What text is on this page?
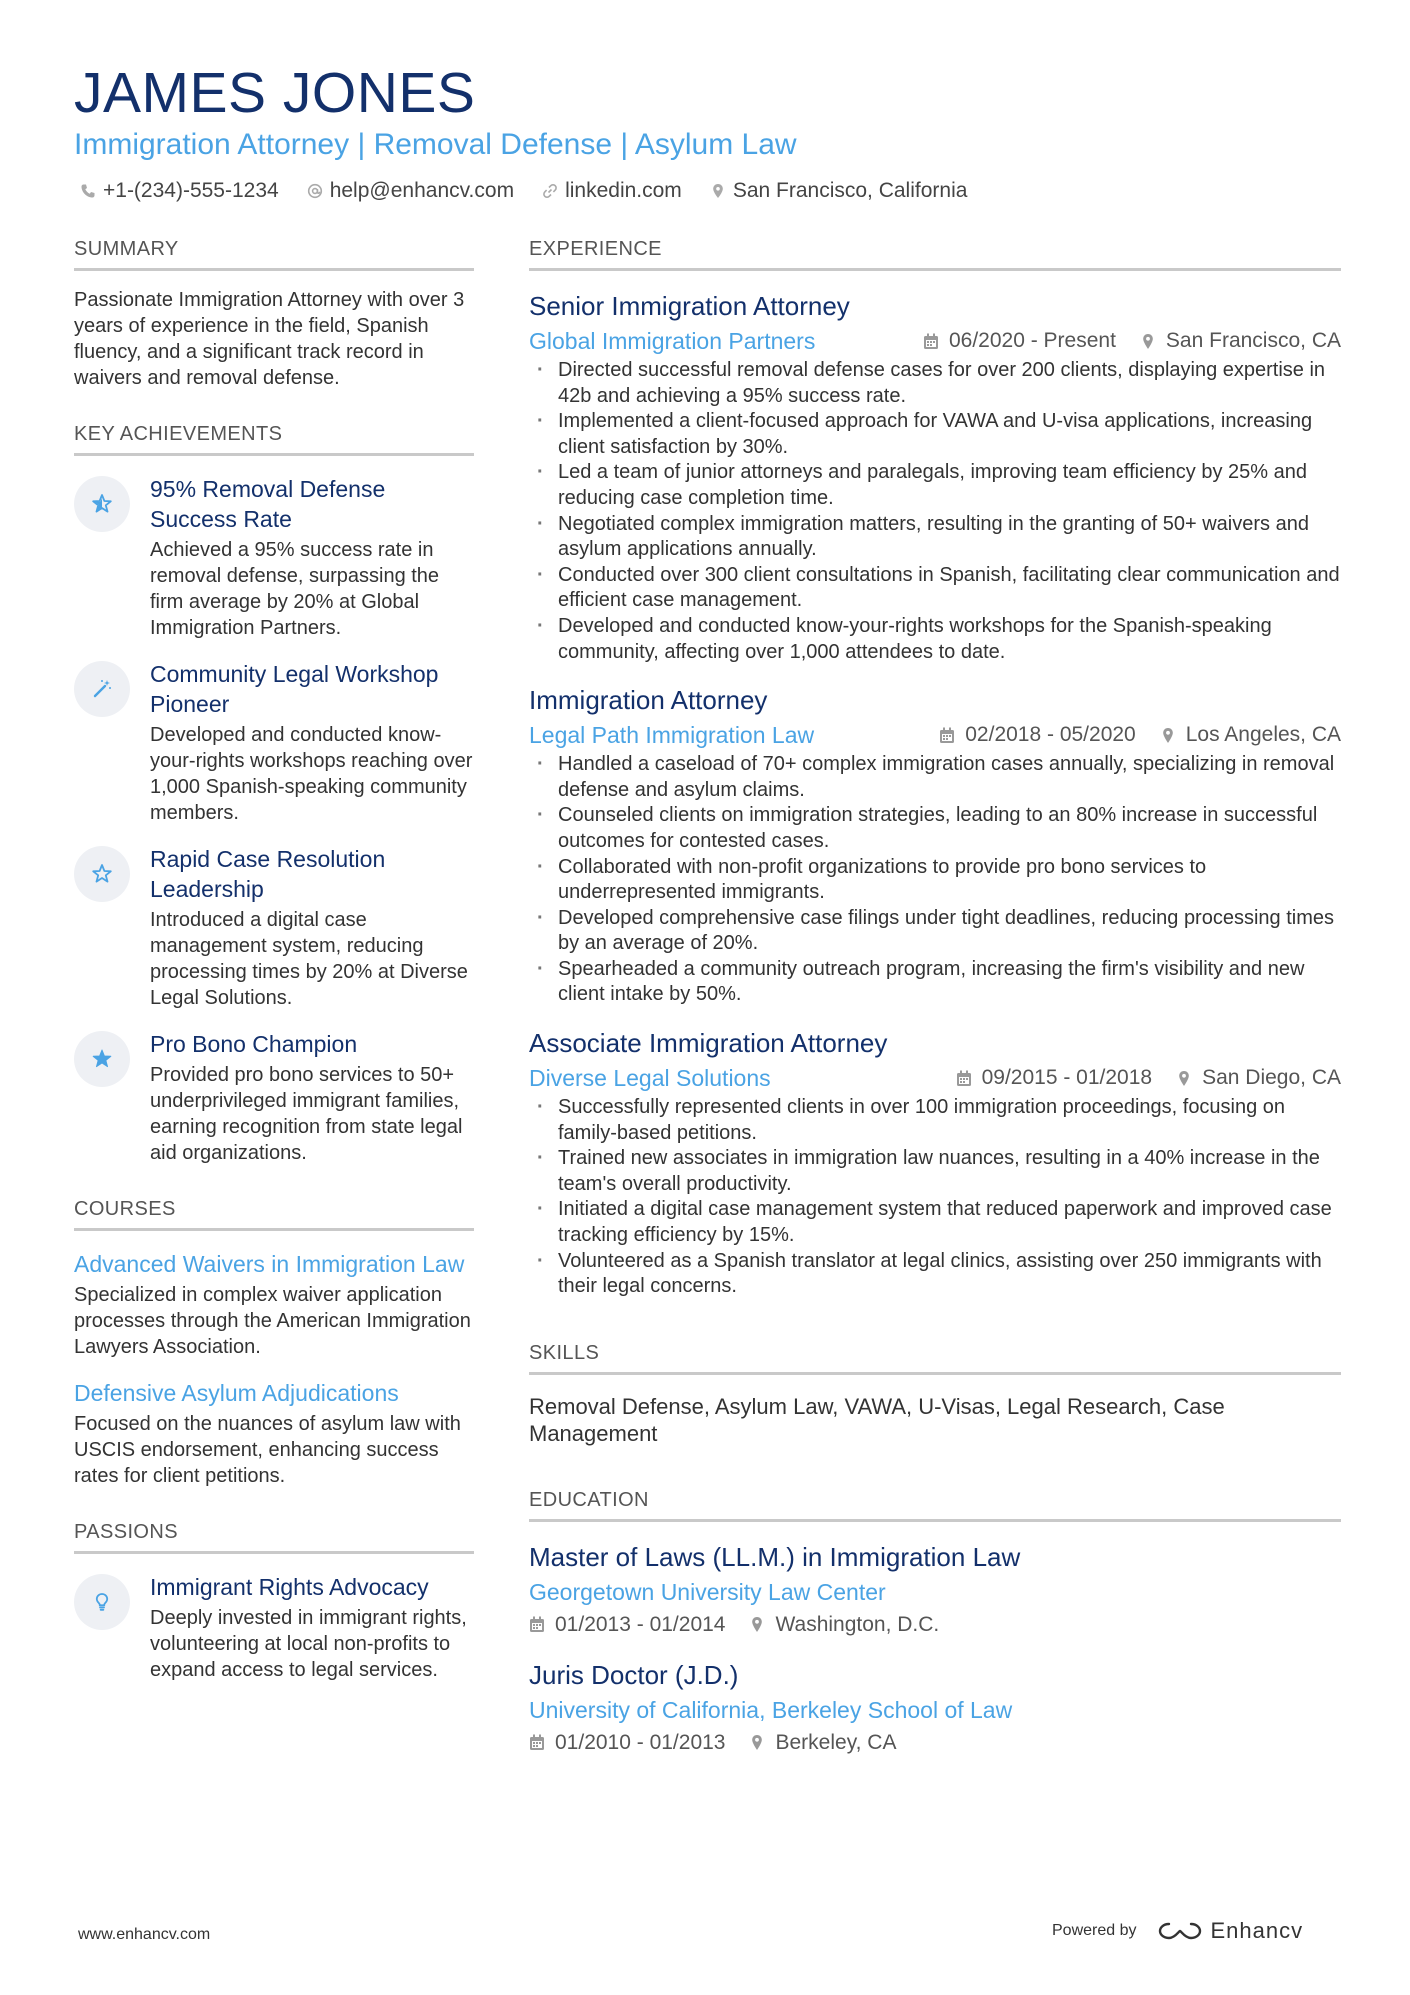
JAMES JONES
Immigration Attorney | Removal Defense | Asylum Law
+1-(234)-555-1234 help@enhancv.com linkedin.com San Francisco, California
SUMMARY
Passionate Immigration Attorney with over 3 years of experience in the field, Spanish fluency, and a significant track record in waivers and removal defense.
KEY ACHIEVEMENTS
95% Removal Defense Success Rate
Achieved a 95% success rate in removal defense, surpassing the firm average by 20% at Global Immigration Partners.
Community Legal Workshop Pioneer
Developed and conducted know-your-rights workshops reaching over 1,000 Spanish-speaking community members.
Rapid Case Resolution Leadership
Introduced a digital case management system, reducing processing times by 20% at Diverse Legal Solutions.
Pro Bono Champion
Provided pro bono services to 50+ underprivileged immigrant families, earning recognition from state legal aid organizations.
COURSES
Advanced Waivers in Immigration Law
Specialized in complex waiver application processes through the American Immigration Lawyers Association.
Defensive Asylum Adjudications
Focused on the nuances of asylum law with USCIS endorsement, enhancing success rates for client petitions.
PASSIONS
Immigrant Rights Advocacy
Deeply invested in immigrant rights, volunteering at local non-profits to expand access to legal services.
EXPERIENCE
Senior Immigration Attorney
Global Immigration Partners	06/2020 - Present San Francisco, CA
· Directed successful removal defense cases for over 200 clients, displaying expertise in 42b and achieving a 95% success rate.
· Implemented a client-focused approach for VAWA and U-visa applications, increasing client satisfaction by 30%.
· Led a team of junior attorneys and paralegals, improving team efficiency by 25% and reducing case completion time.
· Negotiated complex immigration matters, resulting in the granting of 50+ waivers and asylum applications annually.
· Conducted over 300 client consultations in Spanish, facilitating clear communication and efficient case management.
· Developed and conducted know-your-rights workshops for the Spanish-speaking community, affecting over 1,000 attendees to date.
Immigration Attorney
Legal Path Immigration Law	02/2018 - 05/2020 Los Angeles, CA
· Handled a caseload of 70+ complex immigration cases annually, specializing in removal defense and asylum claims.
· Counseled clients on immigration strategies, leading to an 80% increase in successful outcomes for contested cases.
· Collaborated with non-profit organizations to provide pro bono services to underrepresented immigrants.
· Developed comprehensive case filings under tight deadlines, reducing processing times by an average of 20%.
· Spearheaded a community outreach program, increasing the firm's visibility and new client intake by 50%.
Associate Immigration Attorney
Diverse Legal Solutions	09/2015 - 01/2018 San Diego, CA
· Successfully represented clients in over 100 immigration proceedings, focusing on family-based petitions.
· Trained new associates in immigration law nuances, resulting in a 40% increase in the team's overall productivity.
· Initiated a digital case management system that reduced paperwork and improved case tracking efficiency by 15%.
· Volunteered as a Spanish translator at legal clinics, assisting over 250 immigrants with their legal concerns.
SKILLS
Removal Defense, Asylum Law, VAWA, U-Visas, Legal Research, Case Management
EDUCATION
Master of Laws (LL.M.) in Immigration Law
Georgetown University Law Center
01/2013 - 01/2014 Washington, D.C.
Juris Doctor (J.D.)
University of California, Berkeley School of Law
01/2010 - 01/2013 Berkeley, CA
www.enhancv.com	Powered by	Enhancv
